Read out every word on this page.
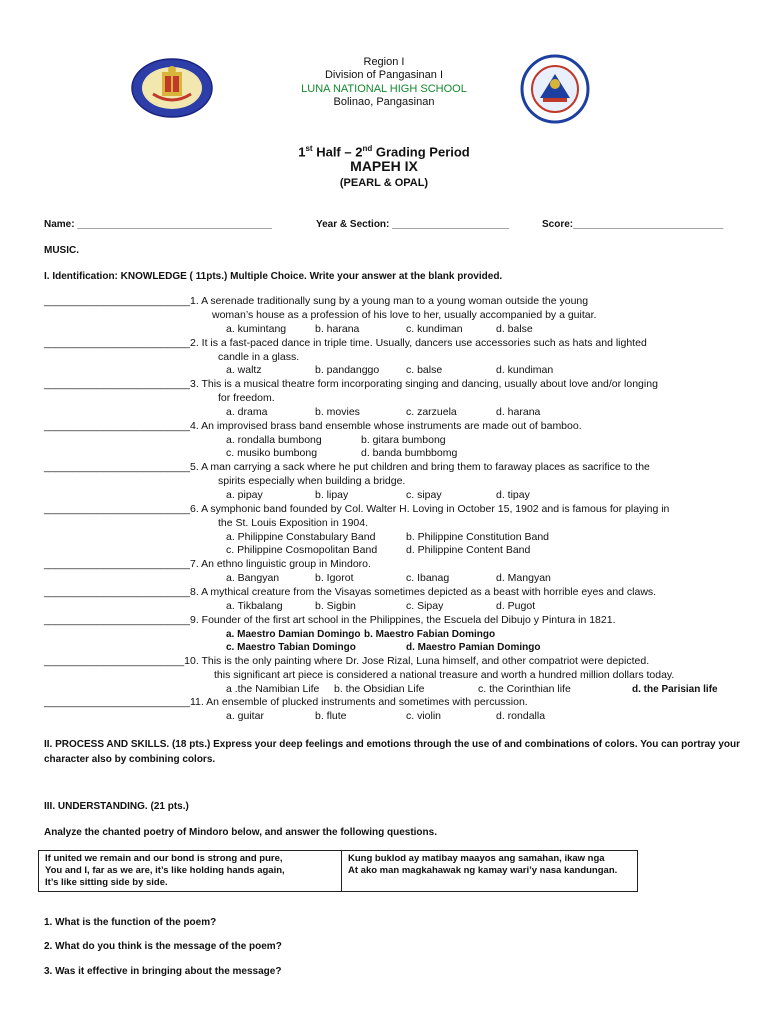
Region I
Division of Pangasinan I
LUNA NATIONAL HIGH SCHOOL
Bolinao, Pangasinan
1st Half – 2nd Grading Period
MAPEH IX
(PEARL & OPAL)
Name: ___________________________________	Year & Section: _____________________	Score:___________________________
MUSIC.
I. Identification: KNOWLEDGE ( 11pts.) Multiple Choice. Write your answer at the blank provided.
_________________________1. A serenade traditionally sung by a young man to a young woman outside the young
woman’s house as a profession of his love to her, usually accompanied by a guitar.
a. kumintang	b. harana	c. kundiman	d. balse
_________________________2. It is a fast-paced dance in triple time. Usually, dancers use accessories such as hats and lighted
candle in a glass.
a. waltz	b. pandanggo	c. balse	d. kundiman
_________________________3. This is a musical theatre form incorporating singing and dancing, usually about love and/or longing
for freedom.
a. drama	b. movies	c. zarzuela	d. harana
_________________________4. An improvised brass band ensemble whose instruments are made out of bamboo.
a. rondalla bumbong	b. gitara bumbong
c. musiko bumbong	d. banda bumbbomg
_________________________5. A man carrying a sack where he put children and bring them to faraway places as sacrifice to the
spirits especially when building a bridge.
a. pipay	b. lipay	c. sipay	d. tipay
_________________________6. A symphonic band founded by Col. Walter H. Loving in October 15, 1902 and is famous for playing in
the St. Louis Exposition in 1904.
a. Philippine Constabulary Band	b. Philippine Constitution Band
c. Philippine Cosmopolitan Band	d. Philippine Content Band
_________________________7. An ethno linguistic group in Mindoro.
a. Bangyan	b. Igorot	c. Ibanag	d. Mangyan
_________________________8. A mythical creature from the Visayas sometimes depicted as a beast with horrible eyes and claws.
a. Tikbalang	b. Sigbin	c. Sipay	d. Pugot
_________________________9. Founder of the first art school in the Philippines, the Escuela del Dibujo y Pintura in 1821.
a. Maestro Damian Domingo b. Maestro Fabian Domingo
c. Maestro Tabian Domingo	d. Maestro Pamian Domingo
________________________10. This is the only painting where Dr. Jose Rizal, Luna himself, and other compatriot were depicted.
this significant art piece is considered a national treasure and worth a hundred million dollars today.
a .the Namibian Life b. the Obsidian Life	c. the Corinthian life	d. the Parisian life
_________________________11. An ensemble of plucked instruments and sometimes with percussion.
a. guitar	b. flute	c. violin	d. rondalla
II. PROCESS AND SKILLS. (18 pts.) Express your deep feelings and emotions through the use of and combinations of colors. You can portray your character also by combining colors.
III. UNDERSTANDING. (21 pts.)
Analyze the chanted poetry of Mindoro below, and answer the following questions.
If united we remain and our bond is strong and pure,
You and I, far as we are, it’s like holding hands again,
It’s like sitting side by side.

Kung buklod ay matibay maayos ang samahan, ikaw nga
At ako man magkahawak ng kamay wari’y nasa kandungan.
1. What is the function of the poem?
2. What do you think is the message of the poem?
3. Was it effective in bringing about the message?
